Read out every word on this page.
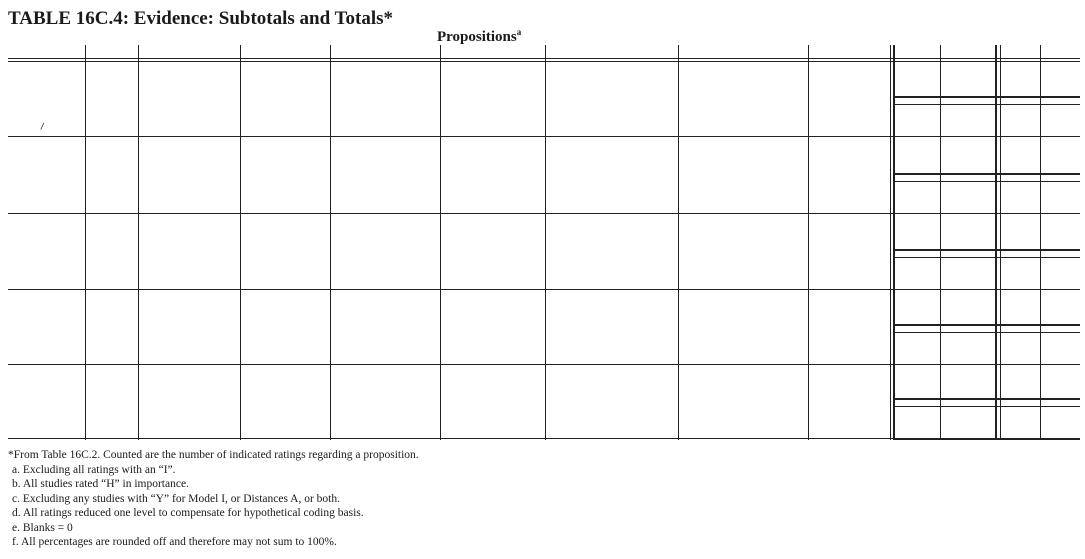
TABLE 16C.4: Evidence: Subtotals and Totals*
Propositions$^a$
/
*From Table 16C.2. Counted are the number of indicated ratings regarding a proposition.
a. Excluding all ratings with an “I”.
b. All studies rated “H” in importance.
c. Excluding any studies with “Y” for Model I, or Distances A, or both.
d. All ratings reduced one level to compensate for hypothetical coding basis.
e. Blanks = 0
f. All percentages are rounded off and therefore may not sum to 100%.
